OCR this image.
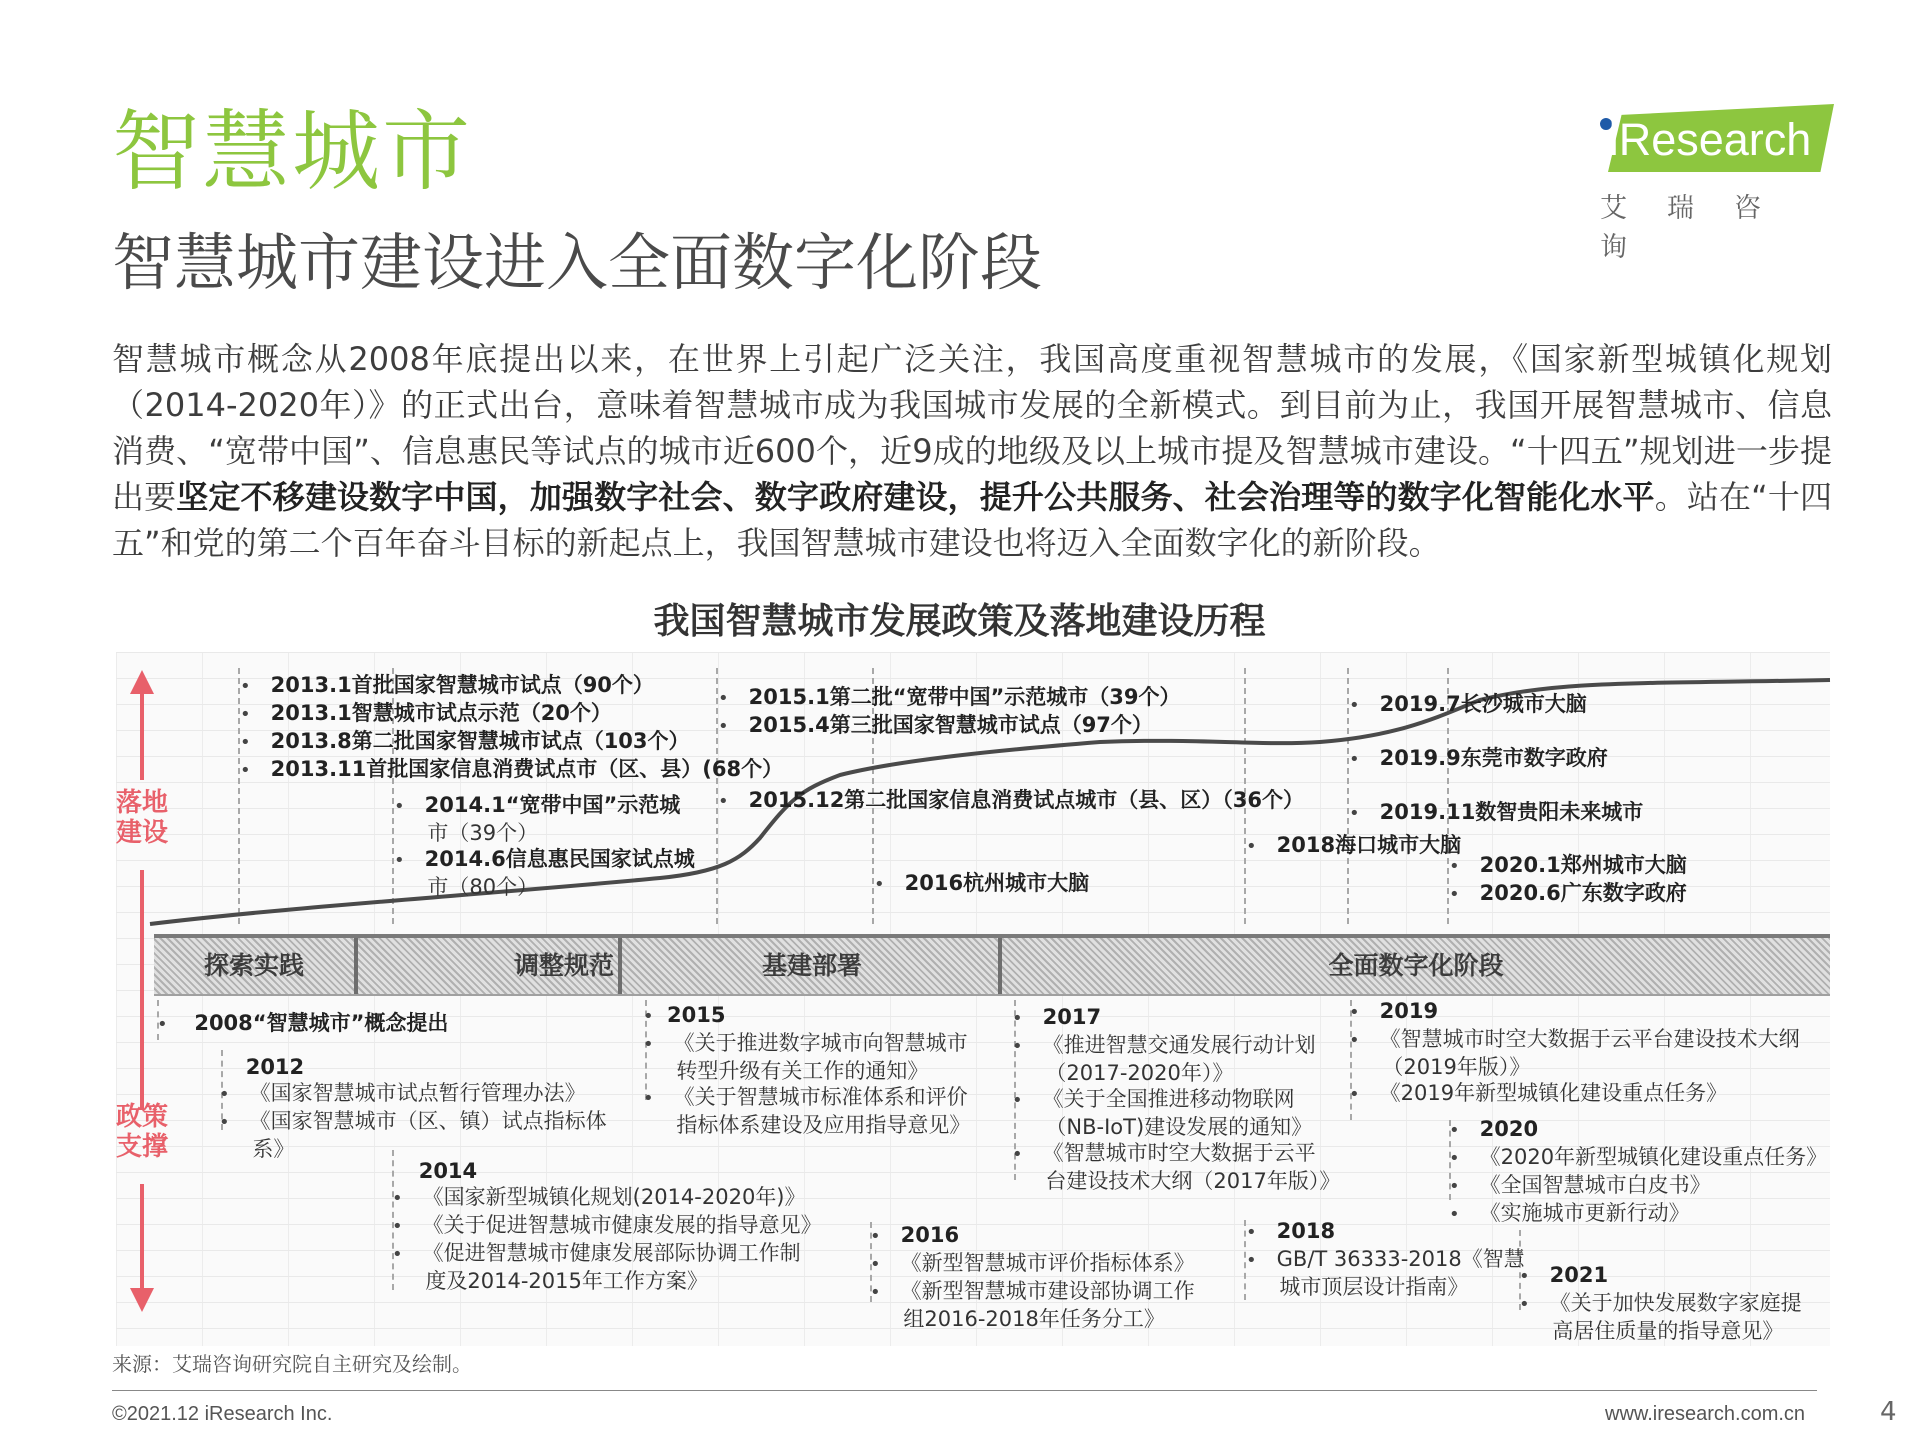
智慧城市
智慧城市建设进入全面数字化阶段
iResearch
艾瑞咨询
智慧城市概念从2008年底提出以来，在世界上引起广泛关注，我国高度重视智慧城市的发展，《国家新型城镇化规划（2014-2020年）》的正式出台，意味着智慧城市成为我国城市发展的全新模式。到目前为止，我国开展智慧城市、信息消费、“宽带中国”、信息惠民等试点的城市近600个，近9成的地级及以上城市提及智慧城市建设。“十四五”规划进一步提出要坚定不移建设数字中国，加强数字社会、数字政府建设，提升公共服务、社会治理等的数字化智能化水平。站在“十四五”和党的第二个百年奋斗目标的新起点上，我国智慧城市建设也将迈入全面数字化的新阶段。
我国智慧城市发展政策及落地建设历程
落地建设
政策支撑
探索实践	调整规范	基建部署	全面数字化阶段
• 2013.1首批国家智慧城市试点（90个）
• 2013.1智慧城市试点示范（20个）
• 2013.8第二批国家智慧城市试点（103个）
• 2013.11首批国家信息消费试点市（区、县）(68个）
• 2014.1“宽带中国”示范城
市（39个）
• 2014.6信息惠民国家试点城
市（80个）
• 2015.1第二批“宽带中国”示范城市（39个）
• 2015.4第三批国家智慧城市试点（97个）
• 2015.12第二批国家信息消费试点城市（县、区）（36个）
• 2016杭州城市大脑
• 2018海口城市大脑
• 2019.7长沙城市大脑
• 2019.9东莞市数字政府
• 2019.11数智贵阳未来城市
• 2020.1郑州城市大脑
• 2020.6广东数字政府
• 2008“智慧城市”概念提出
2012
• 《国家智慧城市试点暂行管理办法》
• 《国家智慧城市（区、镇）试点指标体
系》
2014
• 《国家新型城镇化规划(2014-2020年)》
• 《关于促进智慧城市健康发展的指导意见》
• 《促进智慧城市健康发展部际协调工作制
度及2014-2015年工作方案》
• 2015
• 《关于推进数字城市向智慧城市
转型升级有关工作的通知》
• 《关于智慧城市标准体系和评价
指标体系建设及应用指导意见》
• 2016
• 《新型智慧城市评价指标体系》
• 《新型智慧城市建设部协调工作
组2016-2018年任务分工》
• 2017
• 《推进智慧交通发展行动计划
（2017-2020年）》
• 《关于全国推进移动物联网
（NB-IoT)建设发展的通知》
• 《智慧城市时空大数据于云平
台建设技术大纲（2017年版）》
• 2018
• GB/T 36333-2018《智慧
城市顶层设计指南》
• 2019
• 《智慧城市时空大数据于云平台建设技术大纲
（2019年版）》
• 《2019年新型城镇化建设重点任务》
• 2020
• 《2020年新型城镇化建设重点任务》
• 《全国智慧城市白皮书》
• 《实施城市更新行动》
• 2021
• 《关于加快发展数字家庭提
高居住质量的指导意见》
来源：艾瑞咨询研究院自主研究及绘制。
©2021.12 iResearch Inc.	www.iresearch.com.cn	4
